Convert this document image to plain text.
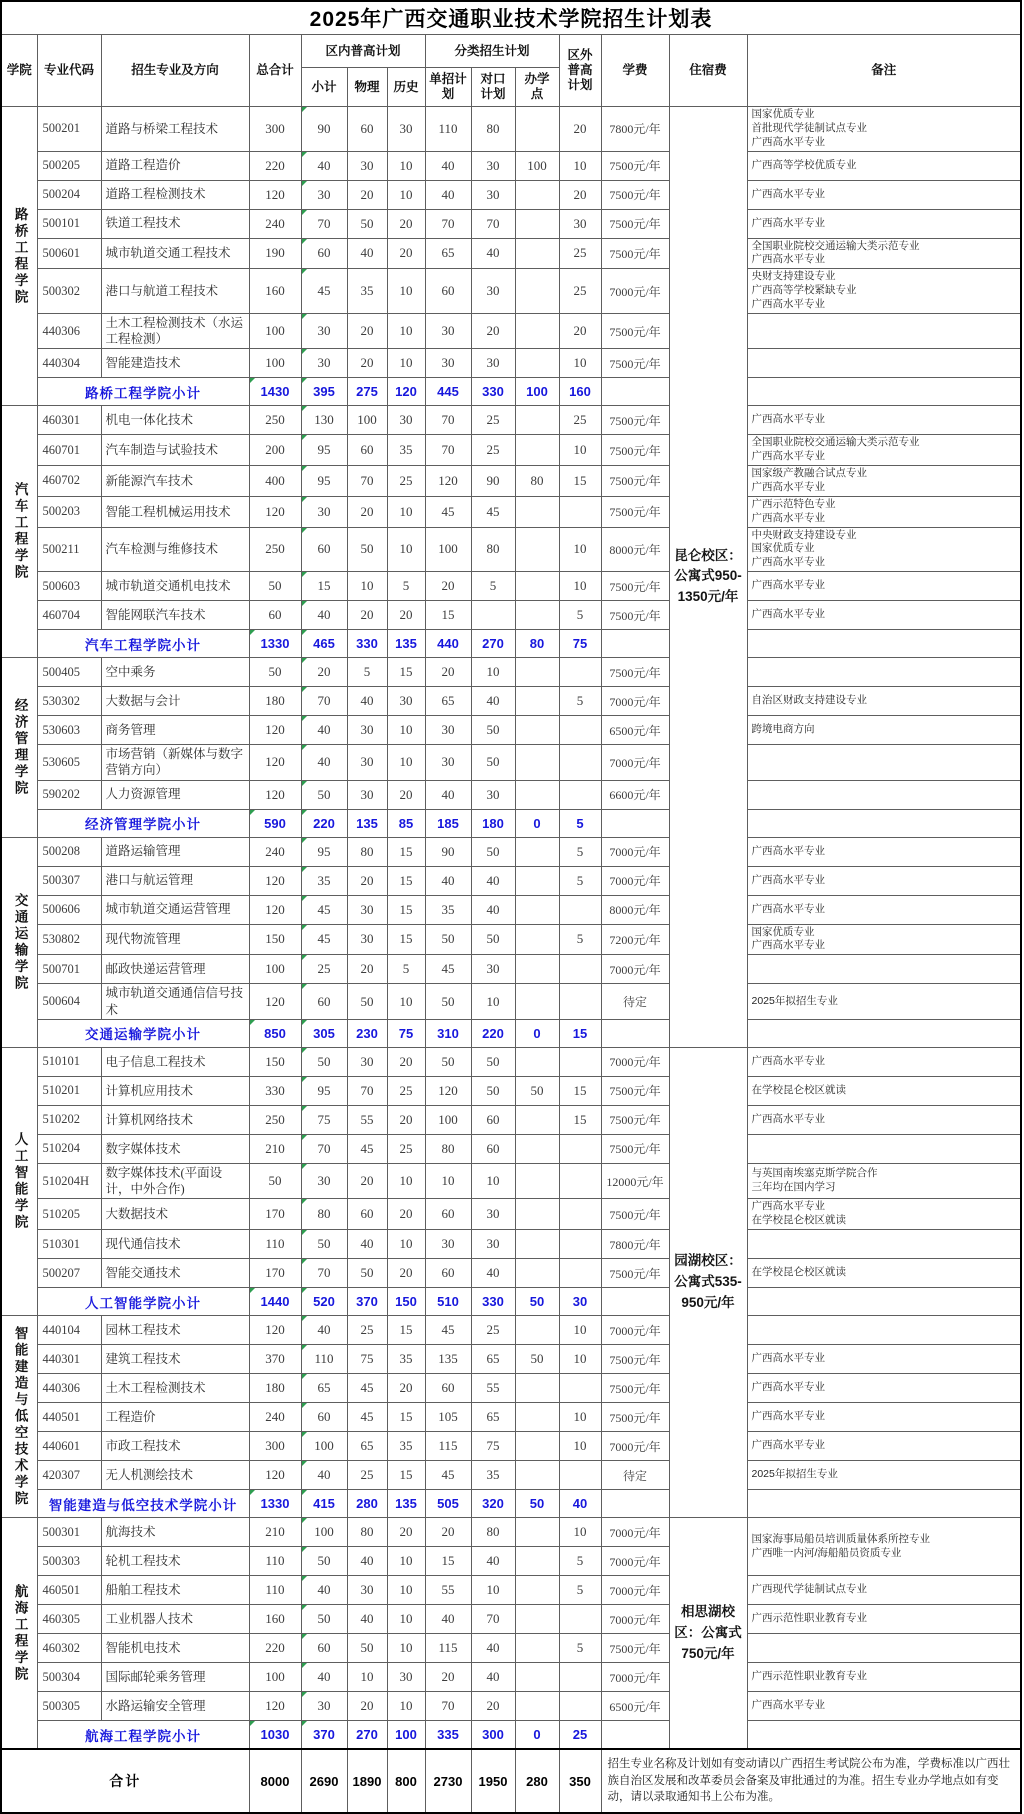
2025年广西交通职业技术学院招生计划表													
学院	专业代码	招生专业及方向	总合计	区内普高计划			分类招生计划			区外普高计划	学费	住宿费	备注
				小计	物理	历史	单招计划	对口计划	办学点				

路桥工程学院	500201	道路与桥梁工程技术	300	90	60	30	110	80		20	7800元/年	昆仑校区：公寓式950-1350元/年	国家优质专业
首批现代学徒制试点专业
广西高水平专业
	500205	道路工程造价	220	40	30	10	40	30	100	10	7500元/年		广西高等学校优质专业
	500204	道路工程检测技术	120	30	20	10	40	30		20	7500元/年		广西高水平专业
	500101	铁道工程技术	240	70	50	20	70	70		30	7500元/年		广西高水平专业
	500601	城市轨道交通工程技术	190	60	40	20	65	40		25	7500元/年		全国职业院校交通运输大类示范专业
广西高水平专业
	500302	港口与航道工程技术	160	45	35	10	60	30		25	7000元/年		央财支持建设专业
广西高等学校紧缺专业
广西高水平专业
	440306	土木工程检测技术（水运工程检测）	100	30	20	10	30	20		20	7500元/年		
	440304	智能建造技术	100	30	20	10	30	30		10	7500元/年		
	路桥工程学院小计		1430	395	275	120	445	330	100	160			

汽车工程学院	460301	机电一体化技术	250	130	100	30	70	25		25	7500元/年		广西高水平专业
	460701	汽车制造与试验技术	200	95	60	35	70	25		10	7500元/年		全国职业院校交通运输大类示范专业
广西高水平专业
	460702	新能源汽车技术	400	95	70	25	120	90	80	15	7500元/年		国家级产教融合试点专业
广西高水平专业
	500203	智能工程机械运用技术	120	30	20	10	45	45			7500元/年		广西示范特色专业
广西高水平专业
	500211	汽车检测与维修技术	250	60	50	10	100	80		10	8000元/年		中央财政支持建设专业
国家优质专业
广西高水平专业
	500603	城市轨道交通机电技术	50	15	10	5	20	5		10	7500元/年		广西高水平专业
	460704	智能网联汽车技术	60	40	20	20	15			5	7500元/年		广西高水平专业
	汽车工程学院小计		1330	465	330	135	440	270	80	75			

经济管理学院	500405	空中乘务	50	20	5	15	20	10			7500元/年		
	530302	大数据与会计	180	70	40	30	65	40		5	7000元/年		自治区财政支持建设专业
	530603	商务管理	120	40	30	10	30	50			6500元/年		跨境电商方向
	530605	市场营销（新媒体与数字营销方向）	120	40	30	10	30	50			7000元/年		
	590202	人力资源管理	120	50	30	20	40	30			6600元/年		
	经济管理学院小计		590	220	135	85	185	180	0	5			

交通运输学院	500208	道路运输管理	240	95	80	15	90	50		5	7000元/年		广西高水平专业
	500307	港口与航运管理	120	35	20	15	40	40		5	7000元/年		广西高水平专业
	500606	城市轨道交通运营管理	120	45	30	15	35	40			8000元/年		广西高水平专业
	530802	现代物流管理	150	45	30	15	50	50		5	7200元/年		国家优质专业
广西高水平专业
	500701	邮政快递运营管理	100	25	20	5	45	30			7000元/年		
	500604	城市轨道交通通信信号技术	120	60	50	10	50	10			待定		2025年拟招生专业
	交通运输学院小计		850	305	230	75	310	220	0	15			

人工智能学院	510101	电子信息工程技术	150	50	30	20	50	50			7000元/年	园湖校区：公寓式535-950元/年	广西高水平专业
	510201	计算机应用技术	330	95	70	25	120	50	50	15	7500元/年		在学校昆仑校区就读
	510202	计算机网络技术	250	75	55	20	100	60		15	7500元/年		广西高水平专业
	510204	数字媒体技术	210	70	45	25	80	60			7500元/年		
	510204H	数字媒体技术(平面设计，中外合作)	50	30	20	10	10	10			12000元/年		与英国南埃塞克斯学院合作
三年均在国内学习
	510205	大数据技术	170	80	60	20	60	30			7500元/年		广西高水平专业
在学校昆仑校区就读
	510301	现代通信技术	110	50	40	10	30	30			7800元/年		
	500207	智能交通技术	170	70	50	20	60	40			7500元/年		在学校昆仑校区就读
	人工智能学院小计		1440	520	370	150	510	330	50	30			

智能建造与低空技术学院	440104	园林工程技术	120	40	25	15	45	25		10	7000元/年		
	440301	建筑工程技术	370	110	75	35	135	65	50	10	7500元/年		广西高水平专业
	440306	土木工程检测技术	180	65	45	20	60	55			7500元/年		广西高水平专业
	440501	工程造价	240	60	45	15	105	65		10	7500元/年		广西高水平专业
	440601	市政工程技术	300	100	65	35	115	75		10	7000元/年		广西高水平专业
	420307	无人机测绘技术	120	40	25	15	45	35			待定		2025年拟招生专业
	智能建造与低空技术学院小计		1330	415	280	135	505	320	50	40			

航海工程学院	500301	航海技术	210	100	80	20	20	80		10	7000元/年	相思湖校区：公寓式750元/年	国家海事局船员培训质量体系所控专业
广西唯一内河/海船船员资质专业
	500303	轮机工程技术	110	50	40	10	15	40		5	7000元/年		
	460501	船舶工程技术	110	40	30	10	55	10		5	7000元/年		广西现代学徒制试点专业
	460305	工业机器人技术	160	50	40	10	40	70			7000元/年		广西示范性职业教育专业
	460302	智能机电技术	220	60	50	10	115	40		5	7500元/年		
	500304	国际邮轮乘务管理	100	40	10	30	20	40			7000元/年		广西示范性职业教育专业
	500305	水路运输安全管理	120	30	20	10	70	20			6500元/年		广西高水平专业
	航海工程学院小计		1030	370	270	100	335	300	0	25			
合计			8000	2690	1890	800	2730	1950	280	350	招生专业名称及计划如有变动请以广西招生考试院公布为准，学费标准以广西壮族自治区发展和改革委员会备案及审批通过的为准。招生专业办学地点如有变动，请以录取通知书上公布为准。		
